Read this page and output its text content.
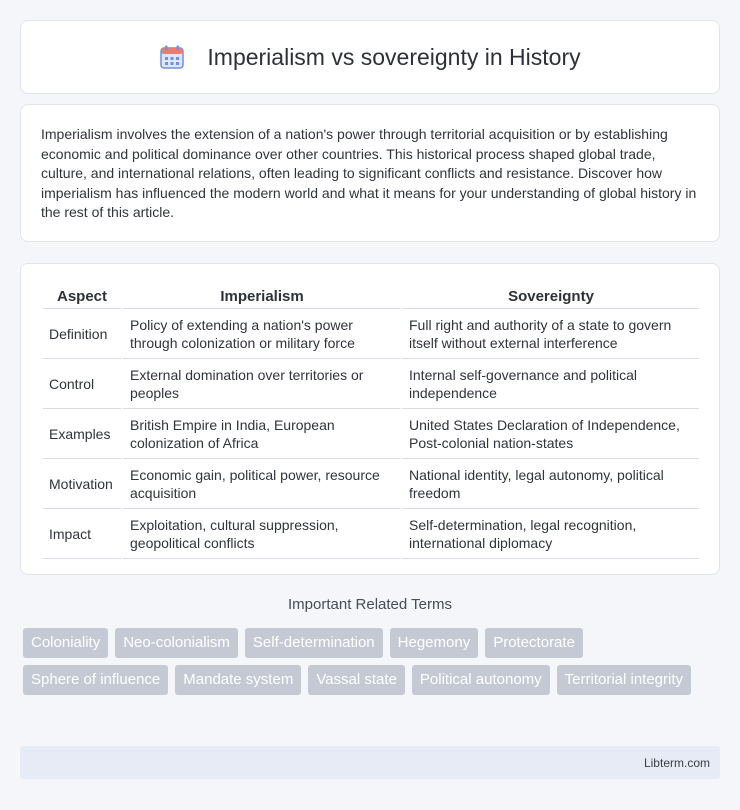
Imperialism vs sovereignty in History

Imperialism involves the extension of a nation's power through territorial acquisition or by establishing economic and political dominance over other countries. This historical process shaped global trade, culture, and international relations, often leading to significant conflicts and resistance. Discover how imperialism has influenced the modern world and what it means for your understanding of global history in the rest of this article.

Aspect	Imperialism	Sovereignty
Definition	Policy of extending a nation's power through colonization or military force	Full right and authority of a state to govern itself without external interference
Control	External domination over territories or peoples	Internal self-governance and political independence
Examples	British Empire in India, European colonization of Africa	United States Declaration of Independence, Post-colonial nation-states
Motivation	Economic gain, political power, resource acquisition	National identity, legal autonomy, political freedom
Impact	Exploitation, cultural suppression, geopolitical conflicts	Self-determination, legal recognition, international diplomacy
Important Related Terms
Coloniality	Neo-colonialism	Self-determination	Hegemony	Protectorate
Sphere of influence	Mandate system	Vassal state	Political autonomy	Territorial integrity
Libterm.com
